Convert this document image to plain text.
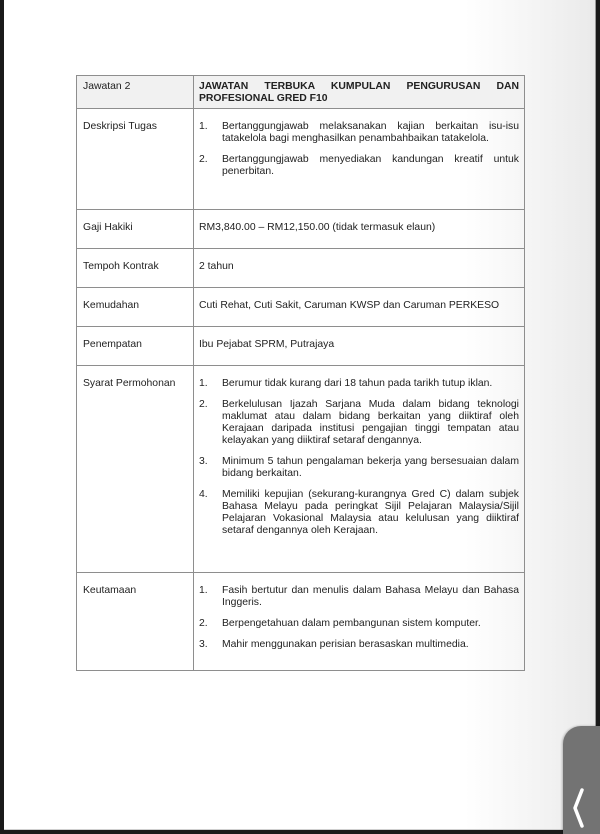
Jawatan 2	JAWATAN TERBUKA KUMPULAN PENGURUSAN DAN PROFESIONAL GRED F10
Deskripsi Tugas	1.	Bertanggungjawab melaksanakan kajian berkaitan isu-isu tatakelola bagi menghasilkan penambahbaikan tatakelola.
2.	Bertanggungjawab menyediakan kandungan kreatif untuk penerbitan.

Gaji Hakiki	RM3,840.00 – RM12,150.00 (tidak termasuk elaun)
Tempoh Kontrak	2 tahun
Kemudahan	Cuti Rehat, Cuti Sakit, Caruman KWSP dan Caruman PERKESO
Penempatan	Ibu Pejabat SPRM, Putrajaya
Syarat Permohonan	1.	Berumur tidak kurang dari 18 tahun pada tarikh tutup iklan.
2.	Berkelulusan Ijazah Sarjana Muda dalam bidang teknologi maklumat atau dalam bidang berkaitan yang diiktiraf oleh Kerajaan daripada institusi pengajian tinggi tempatan atau kelayakan yang diiktiraf setaraf dengannya.
3.	Minimum 5 tahun pengalaman bekerja yang bersesuaian dalam bidang berkaitan.
4.	Memiliki kepujian (sekurang-kurangnya Gred C) dalam subjek Bahasa Melayu pada peringkat Sijil Pelajaran Malaysia/Sijil Pelajaran Vokasional Malaysia atau kelulusan yang diiktiraf setaraf dengannya oleh Kerajaan.

Keutamaan	1.	Fasih bertutur dan menulis dalam Bahasa Melayu dan Bahasa Inggeris.
2.	Berpengetahuan dalam pembangunan sistem komputer.
3.	Mahir menggunakan perisian berasaskan multimedia.
